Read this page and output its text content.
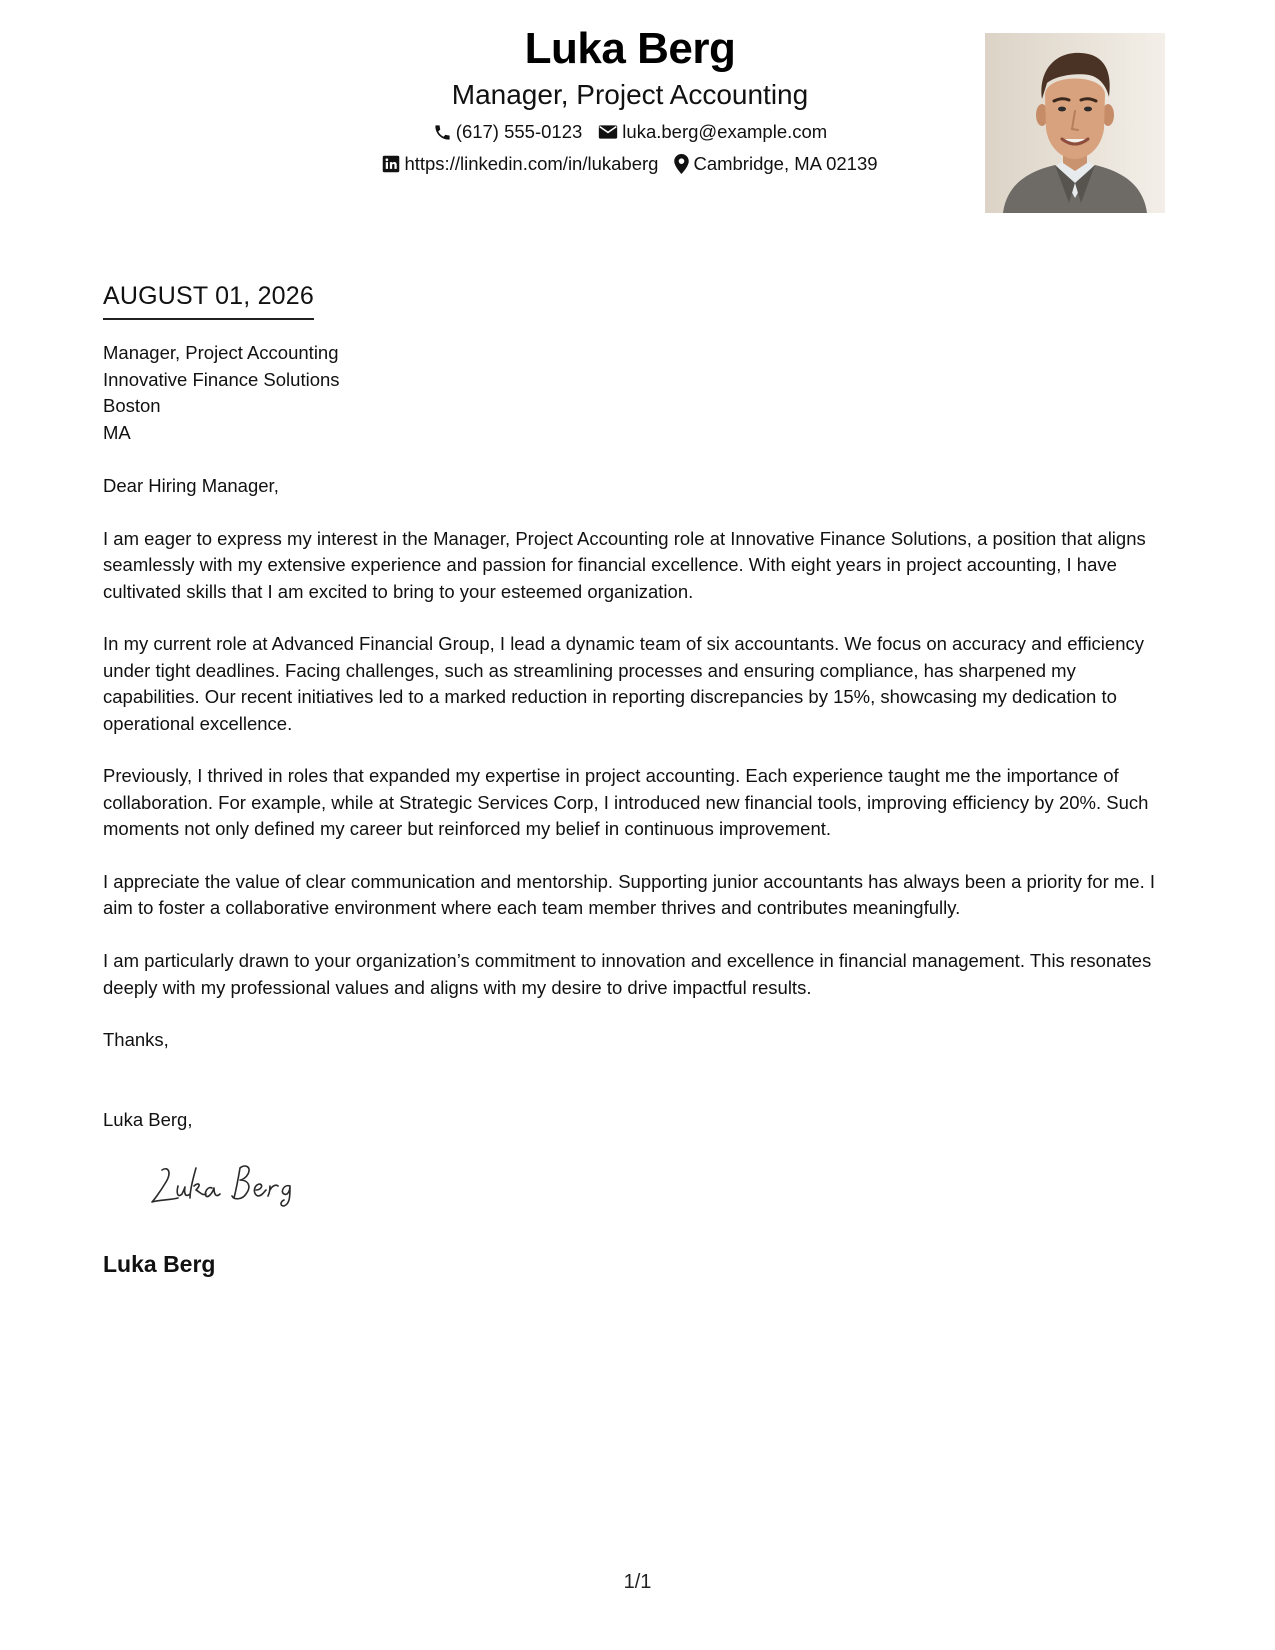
Luka Berg
Manager, Project Accounting
(617) 555-0123 luka.berg@example.com
https://linkedin.com/in/lukaberg Cambridge, MA 02139
AUGUST 01, 2026
Manager, Project Accounting
Innovative Finance Solutions
Boston
MA

Dear Hiring Manager,

I am eager to express my interest in the Manager, Project Accounting role at Innovative Finance Solutions, a position that aligns seamlessly with my extensive experience and passion for financial excellence. With eight years in project accounting, I have cultivated skills that I am excited to bring to your esteemed organization.

In my current role at Advanced Financial Group, I lead a dynamic team of six accountants. We focus on accuracy and efficiency under tight deadlines. Facing challenges, such as streamlining processes and ensuring compliance, has sharpened my capabilities. Our recent initiatives led to a marked reduction in reporting discrepancies by 15%, showcasing my dedication to operational excellence.

Previously, I thrived in roles that expanded my expertise in project accounting. Each experience taught me the importance of collaboration. For example, while at Strategic Services Corp, I introduced new financial tools, improving efficiency by 20%. Such moments not only defined my career but reinforced my belief in continuous improvement.

I appreciate the value of clear communication and mentorship. Supporting junior accountants has always been a priority for me. I aim to foster a collaborative environment where each team member thrives and contributes meaningfully.

I am particularly drawn to your organization’s commitment to innovation and excellence in financial management. This resonates deeply with my professional values and aligns with my desire to drive impactful results.

Thanks,

Luka Berg,

Luka Berg
1/1
